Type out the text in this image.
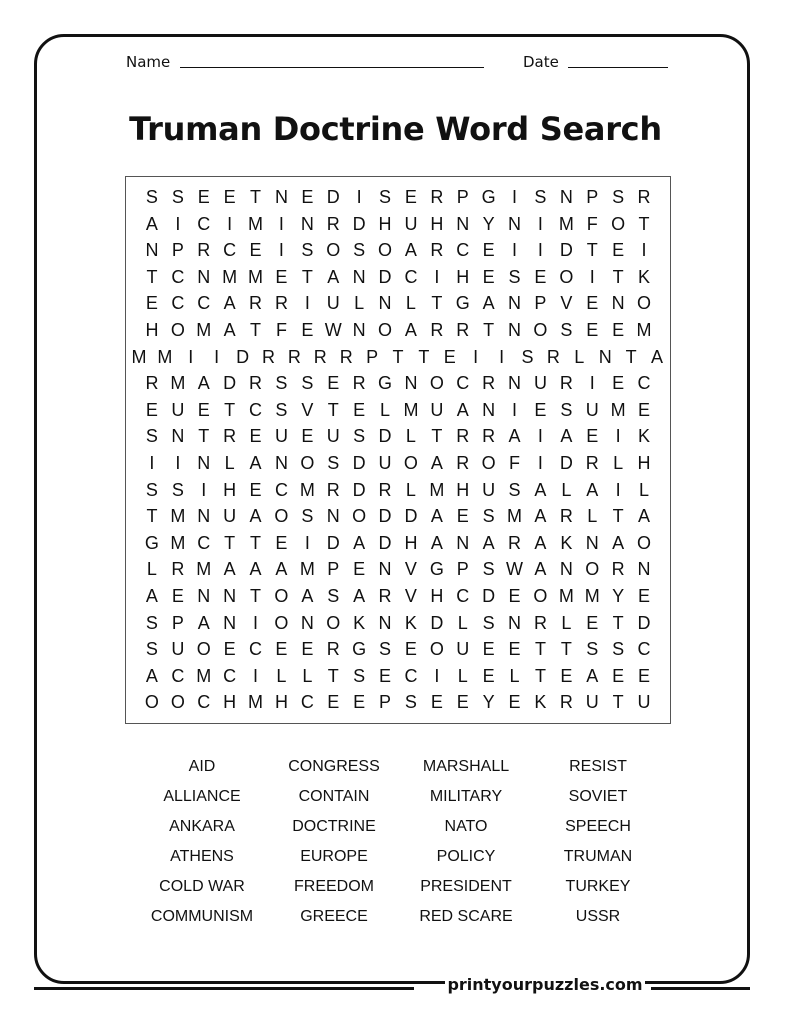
Name	Date
Truman Doctrine Word Search
S S E E T N E D I S E R P G I S N P S R
A I C I M I N R D H U H N Y N I M F O T
N P R C E I S O S O A R C E I	I D T E I
T C N M M E T A N D C I H E S E O I T K
E C C A R R I U L N L T G A N P V E N O
H O M A T F E W N O A R R T N O S E E M
M M I	I D R R R R P T T E I	I S R L N T A
R M A D R S S E R G N O C R N U R I E C
E U E T C S V T E L M U A N I E S U M E
S N T R E U E U S D L T R R A I A E I K
I	I N L A N O S D U O A R O F I D R L H
S S I H E C M R D R L M H U S A L A I	L
T M N U A O S N O D D A E S M A R L T A
G M C T T E I D A D H A N A R A K N A O
L R M A A A M P E N V G P S W A N O R N
A E N N T O A S A R V H C D E O M M Y E
S P A N I O N O K N K D L S N R L E T D
S U O E C E E R G S E O U E E T T S S C
A C M C I	L L T S E C I	L E L T E A E E
O O C H M H C E E P S E E Y E K R U T U
AID
ALLIANCE
ANKARA
ATHENS
COLD WAR
COMMUNISM
CONGRESS
CONTAIN
DOCTRINE
EUROPE
FREEDOM
GREECE
MARSHALL
MILITARY
NATO
POLICY
PRESIDENT
RED SCARE
RESIST
SOVIET
SPEECH
TRUMAN
TURKEY
USSR
printyourpuzzles.com
